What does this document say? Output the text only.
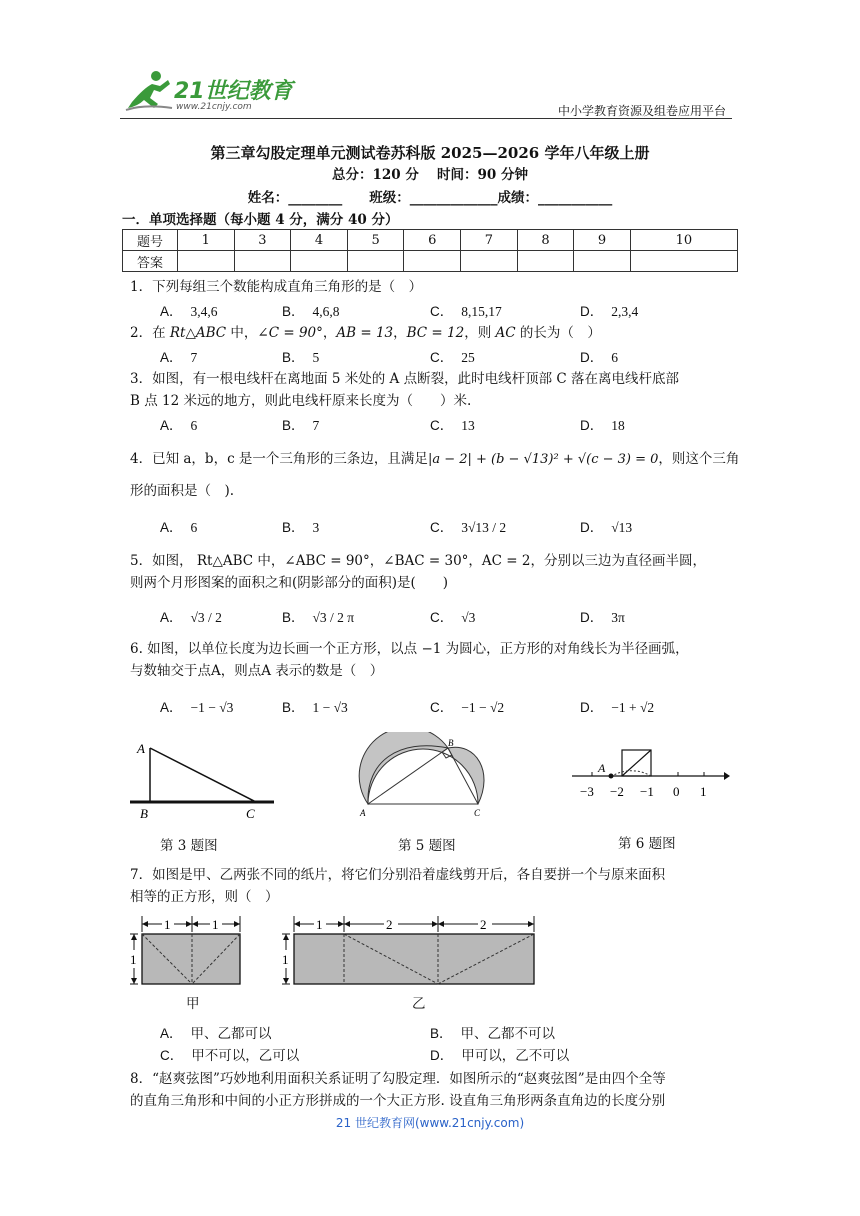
21世纪教育
www.21cnjy.com	中小学教育资源及组卷应用平台
第三章勾股定理单元测试卷苏科版 2025—2026 学年八年级上册
总分：120 分　 时间：90 分钟
姓名：________　　班级：_____________成绩：___________
一．单项选择题（每小题 4 分，满分 40 分）
题号	1	3	4	5	6	7	8	9	10
答案									
1．下列每组三个数能构成直角三角形的是（　）
A． 3,4,6	B． 4,6,8	C． 8,15,17	D． 2,3,4
2．在 Rt△ABC 中，∠C = 90°，AB = 13，BC = 12，则 AC 的长为（　）
A． 7	B． 5	C． 25	D． 6
3．如图，有一根电线杆在离地面 5 米处的 A 点断裂，此时电线杆顶部 C 落在离电线杆底部
B 点 12 米远的地方，则此电线杆原来长度为（　　）米.
A． 6	B． 7	C． 13	D． 18
4．已知 a，b，c 是一个三角形的三条边，且满足|a − 2| + (b − √13)² + √(c − 3) = 0，则这个三角
形的面积是（　).
A． 6	B． 3	C． 3√13 / 2	D． √13
5．如图， Rt△ABC 中，∠ABC = 90°，∠BAC = 30°，AC = 2，分别以三边为直径画半圆，
则两个月形图案的面积之和(阴影部分的面积)是(　　)
A． √3 / 2	B． √3 / 2 π	C． √3	D． 3π
6. 如图，以单位长度为边长画一个正方形，以点 −1 为圆心，正方形的对角线长为半径画弧，
与数轴交于点A，则点A 表示的数是（　）
A． −1 − √3	B． 1 − √3	C． −1 − √2	D． −1 + √2
A
B	C
第 3 题图
A
B
C
第 5 题图
A
−3 −2 −1 0 1
第 6 题图
7．如图是甲、乙两张不同的纸片，将它们分别沿着虚线剪开后，各自要拼一个与原来面积
相等的正方形，则（　）
1	1
1
甲
1	2	2
1
乙
A． 甲、乙都可以	B． 甲、乙都不可以
C． 甲不可以，乙可以	D． 甲可以，乙不可以
8．“赵爽弦图”巧妙地利用面积关系证明了勾股定理．如图所示的“赵爽弦图”是由四个全等
的直角三角形和中间的小正方形拼成的一个大正方形. 设直角三角形两条直角边的长度分别
21 世纪教育网(www.21cnjy.com)
